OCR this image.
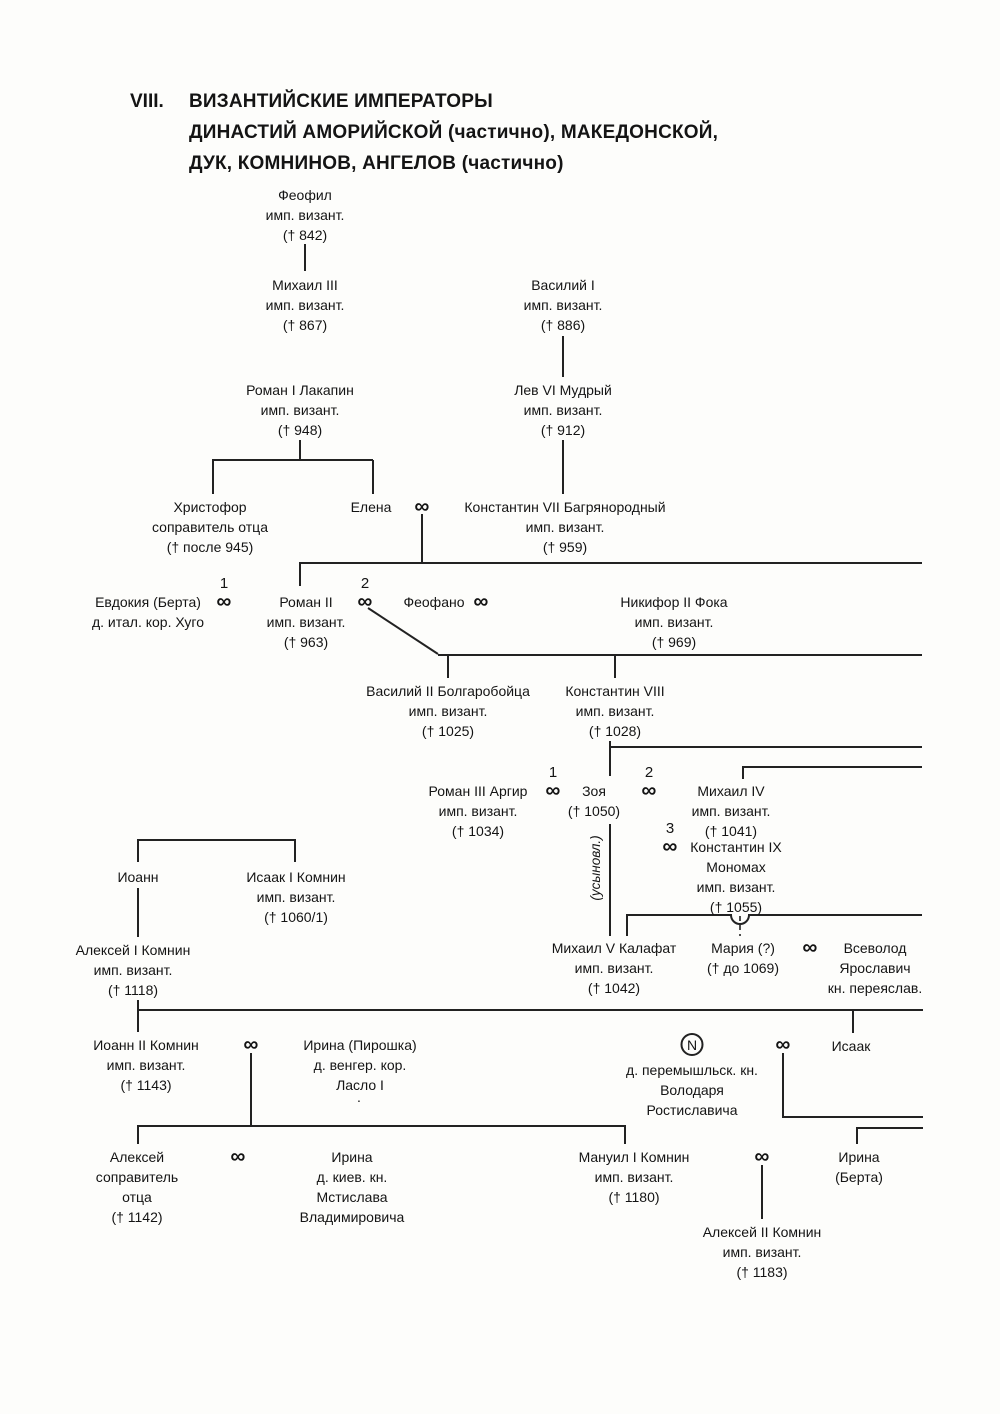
VIII. ВИЗАНТИЙСКИЕ ИМПЕРАТОРЫ
ДИНАСТИЙ АМОРИЙСКОЙ (частично), МАКЕДОНСКОЙ,
ДУК, КОМНИНОВ, АНГЕЛОВ (частично)
Феофил
имп. визант.
(† 842)
Михаил III
имп. визант.
(† 867)
Василий I
имп. визант.
(† 886)
Роман I Лакапин
имп. визант.
(† 948)
Лев VI Мудрый
имп. визант.
(† 912)
Христофор
соправитель отца
(† после 945)
Елена	Константин VII Багрянородный
имп. визант.
(† 959)
Евдокия (Берта)
д. итал. кор. Хуго
Роман II
имп. визант.
(† 963)
Феофано	Никифор II Фока
имп. визант.
(† 969)
Василий II Болгаробойца
имп. визант.
(† 1025)
Константин VIII
имп. визант.
(† 1028)
Роман III Аргир
имп. визант.
(† 1034)
Зоя
(† 1050)
Михаил IV
имп. визант.
(† 1041)
Константин IX
Мономах
имп. визант.
(† 1055)
Иоанн	Исаак I Комнин
имп. визант.
(† 1060/1)
Алексей I Комнин
имп. визант.
(† 1118)
Михаил V Калафат
имп. визант.
(† 1042)
Мария (?)
(† до 1069)
Всеволод
Ярославич
кн. переяслав.
Иоанн II Комнин
имп. визант.
(† 1143)
Ирина (Пирошка)
д. венгер. кор.
Ласло I
д. перемышльск. кн.
Володаря
Ростиславича
Исаак
Алексей
соправитель
отца
(† 1142)
Ирина
д. киев. кн.
Мстислава
Владимировича
Мануил I Комнин
имп. визант.
(† 1180)
Ирина
(Берта)
Алексей II Комнин
имп. визант.
(† 1183)
∞
1
∞
2
∞	∞
1
∞
2
∞
3
∞
∞
∞	∞
∞	∞
N
(усыновл.)
.
